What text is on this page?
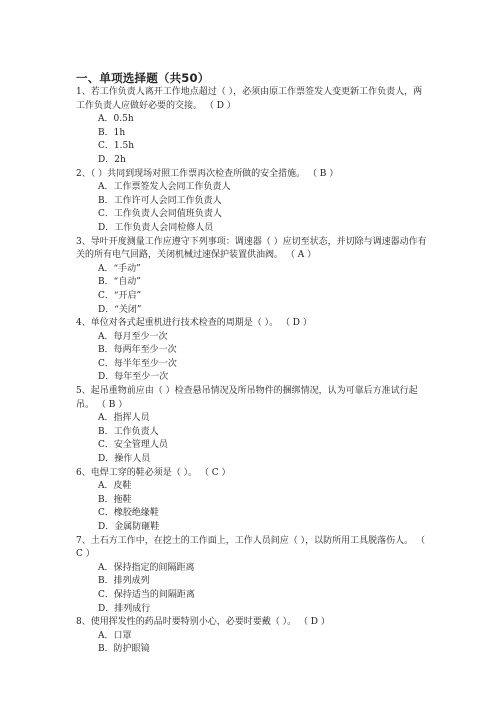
一、单项选择题（共50）

1、若工作负责人离开工作地点超过（ ），必须由原工作票签发人变更新工作负责人，两工作负责人应做好必要的交接。 （ D ）

A．0.5h

B．1h

C．1.5h

D．2h

2、（ ）共同到现场对照工作票再次检查所做的安全措施。 （ B ）

A．工作票签发人会同工作负责人

B．工作许可人会同工作负责人

C．工作负责人会同值班负责人

D．工作负责人会同检修人员

3、导叶开度测量工作应遵守下列事项：调速器（ ）应切至状态，并切除与调速器动作有关的所有电气回路，关闭机械过速保护装置供油阀。 （ A ）

A．“手动”

B．“自动”

C．“开启”

D．“关闭”

4、单位对各式起重机进行技术检查的周期是（ ）。 （ D ）

A．每月至少一次

B．每两年至少一次

C．每半年至少一次

D．每年至少一次

5、起吊重物前应由（ ）检查悬吊情况及所吊物件的捆绑情况，认为可靠后方准试行起吊。 （ B ）

A．指挥人员

B．工作负责人

C．安全管理人员

D．操作人员

6、电焊工穿的鞋必须是（ ）。 （ C ）

A．皮鞋

B．拖鞋

C．橡胶绝缘鞋

D．金属防砸鞋

7、土石方工作中，在挖土的工作面上，工作人员间应（ ），以防所用工具脱落伤人。 （ C ）

A．保持指定的间隔距离

B．排列成列

C．保持适当的间隔距离

D．排列成行

8、使用挥发性的药品时要特别小心，必要时要戴（ ）。 （ D ）

A．口罩

B．防护眼镜
